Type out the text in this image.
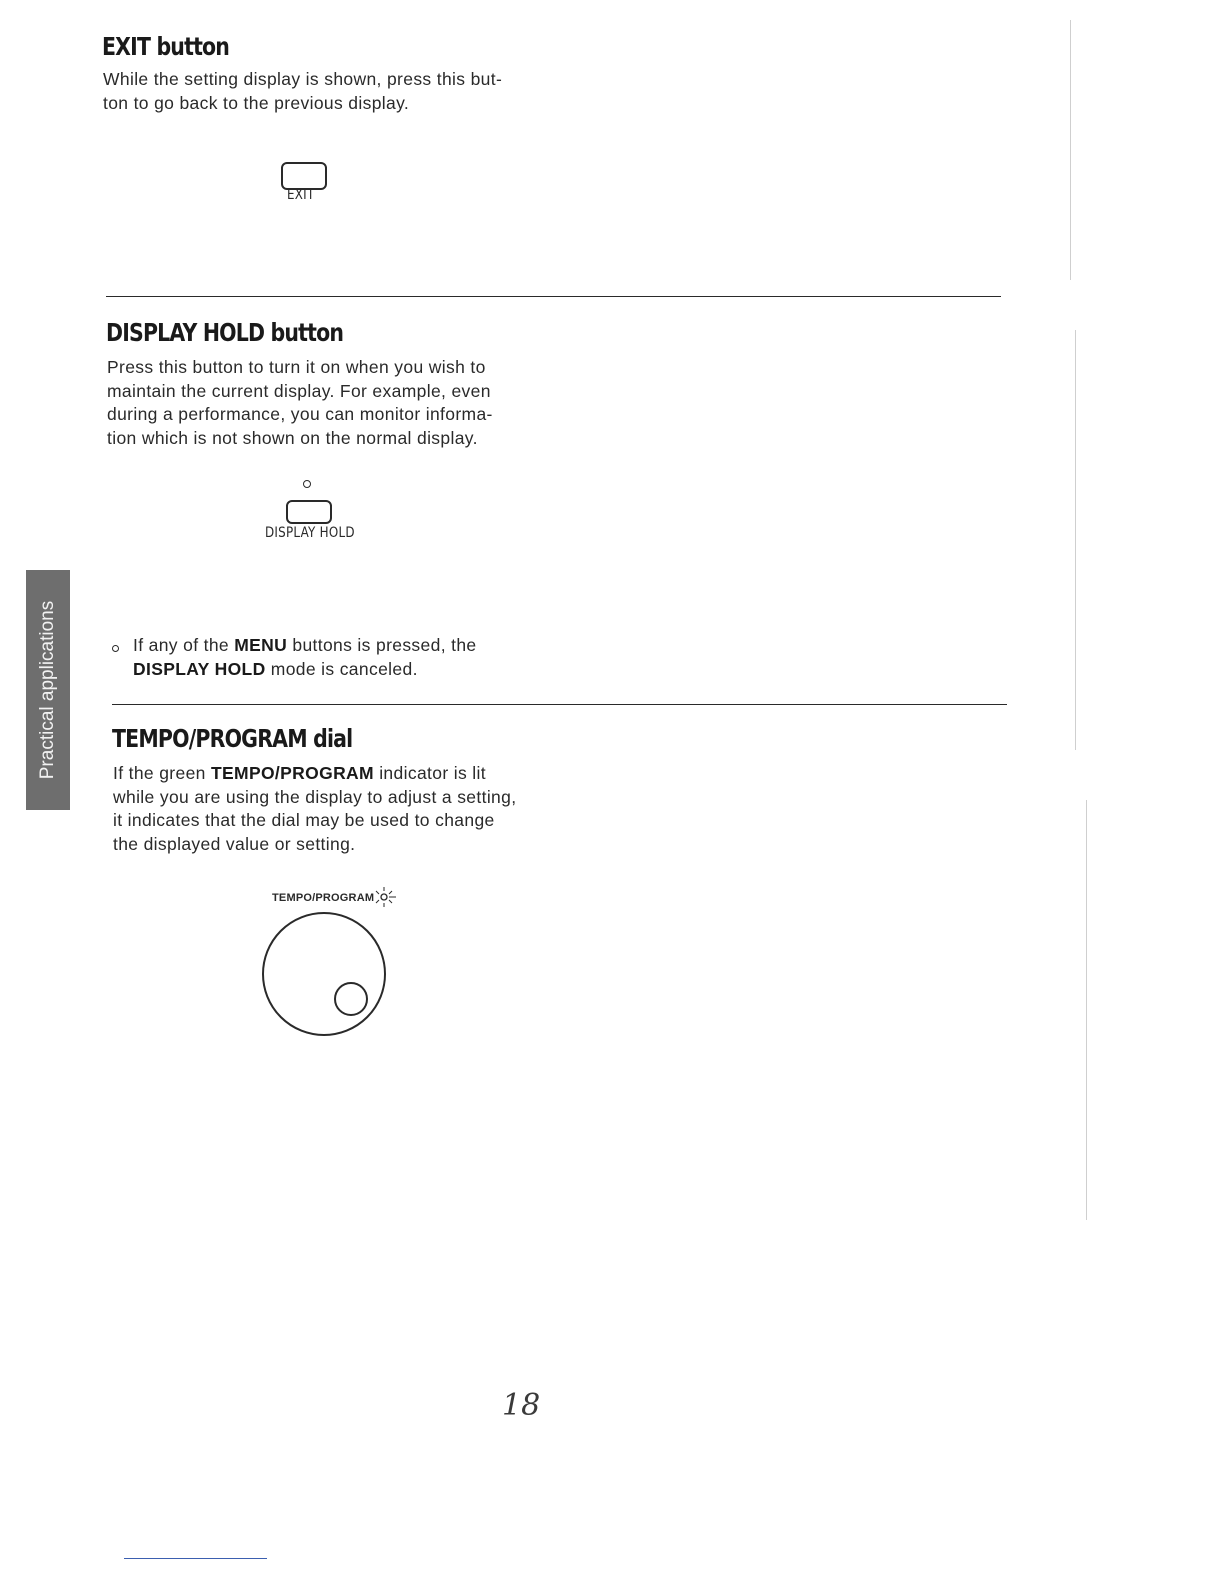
EXIT button

While the setting display is shown, press this but-
ton to go back to the previous display.

EXIT
DISPLAY HOLD button

Press this button to turn it on when you wish to
maintain the current display. For example, even
during a performance, you can monitor informa-
tion which is not shown on the normal display.

DISPLAY HOLD
Practical applications	If any of the MENU buttons is pressed, the
DISPLAY HOLD mode is canceled.

TEMPO/PROGRAM dial

If the green TEMPO/PROGRAM indicator is lit
while you are using the display to adjust a setting,
it indicates that the dial may be used to change
the displayed value or setting.

TEMPO/PROGRAM
18
